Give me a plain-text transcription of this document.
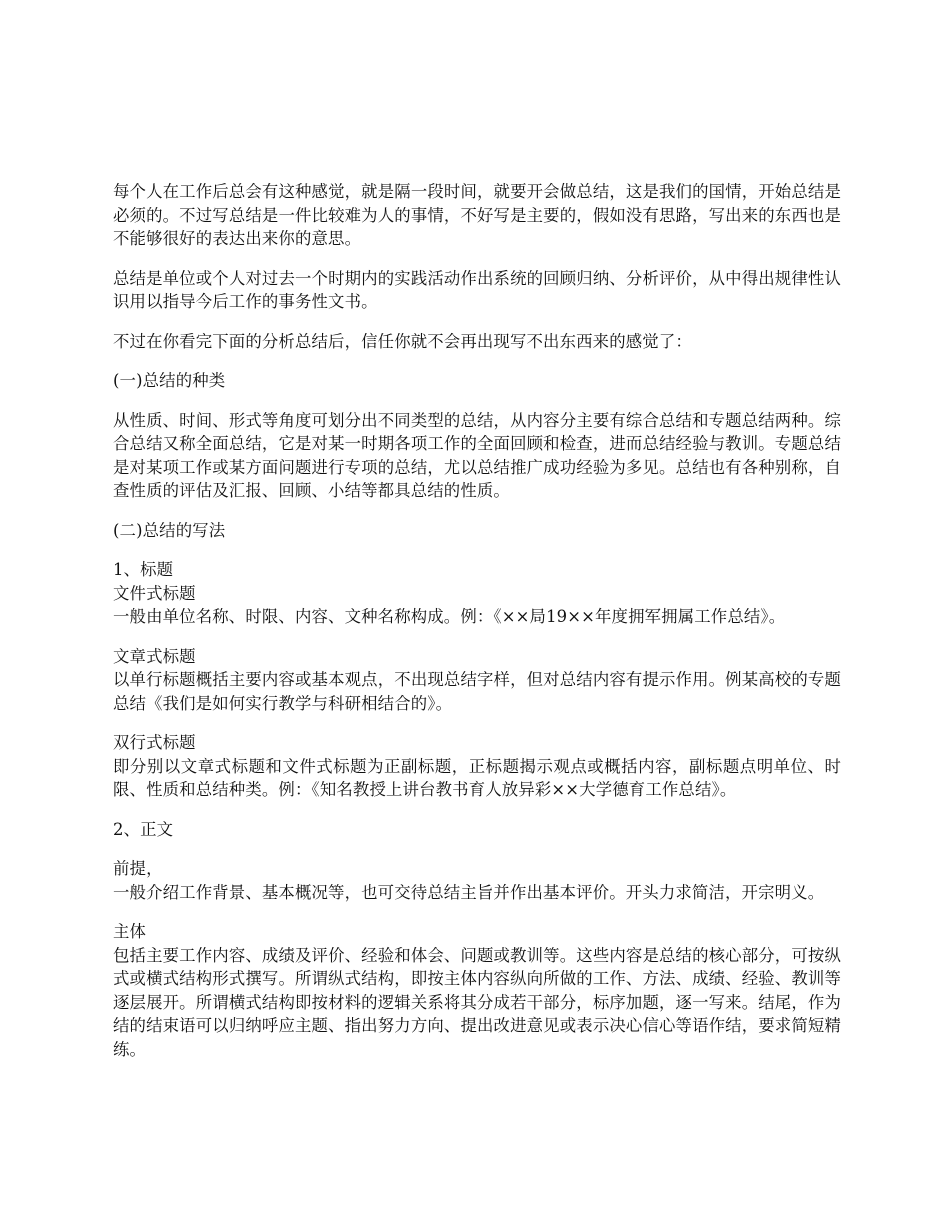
每个人在工作后总会有这种感觉，就是隔一段时间，就要开会做总结，这是我们的国情，开始总结是必须的。不过写总结是一件比较难为人的事情，不好写是主要的，假如没有思路，写出来的东西也是不能够很好的表达出来你的意思。

总结是单位或个人对过去一个时期内的实践活动作出系统的回顾归纳、分析评价，从中得出规律性认识用以指导今后工作的事务性文书。

不过在你看完下面的分析总结后，信任你就不会再出现写不出东西来的感觉了：

(一)总结的种类

从性质、时间、形式等角度可划分出不同类型的总结，从内容分主要有综合总结和专题总结两种。综合总结又称全面总结，它是对某一时期各项工作的全面回顾和检查，进而总结经验与教训。专题总结是对某项工作或某方面问题进行专项的总结，尤以总结推广成功经验为多见。总结也有各种别称，自查性质的评估及汇报、回顾、小结等都具总结的性质。

(二)总结的写法

1、标题

文件式标题

一般由单位名称、时限、内容、文种名称构成。例：《××局19××年度拥军拥属工作总结》。

文章式标题

以单行标题概括主要内容或基本观点，不出现总结字样，但对总结内容有提示作用。例某高校的专题总结《我们是如何实行教学与科研相结合的》。

双行式标题

即分别以文章式标题和文件式标题为正副标题，正标题揭示观点或概括内容，副标题点明单位、时限、性质和总结种类。例：《知名教授上讲台教书育人放异彩××大学德育工作总结》。

2、正文

前提，

一般介绍工作背景、基本概况等，也可交待总结主旨并作出基本评价。开头力求简洁，开宗明义。

主体

包括主要工作内容、成绩及评价、经验和体会、问题或教训等。这些内容是总结的核心部分，可按纵式或横式结构形式撰写。所谓纵式结构，即按主体内容纵向所做的工作、方法、成绩、经验、教训等逐层展开。所谓横式结构即按材料的逻辑关系将其分成若干部分，标序加题，逐一写来。结尾，作为结的结束语可以归纳呼应主题、指出努力方向、提出改进意见或表示决心信心等语作结，要求简短精练。
